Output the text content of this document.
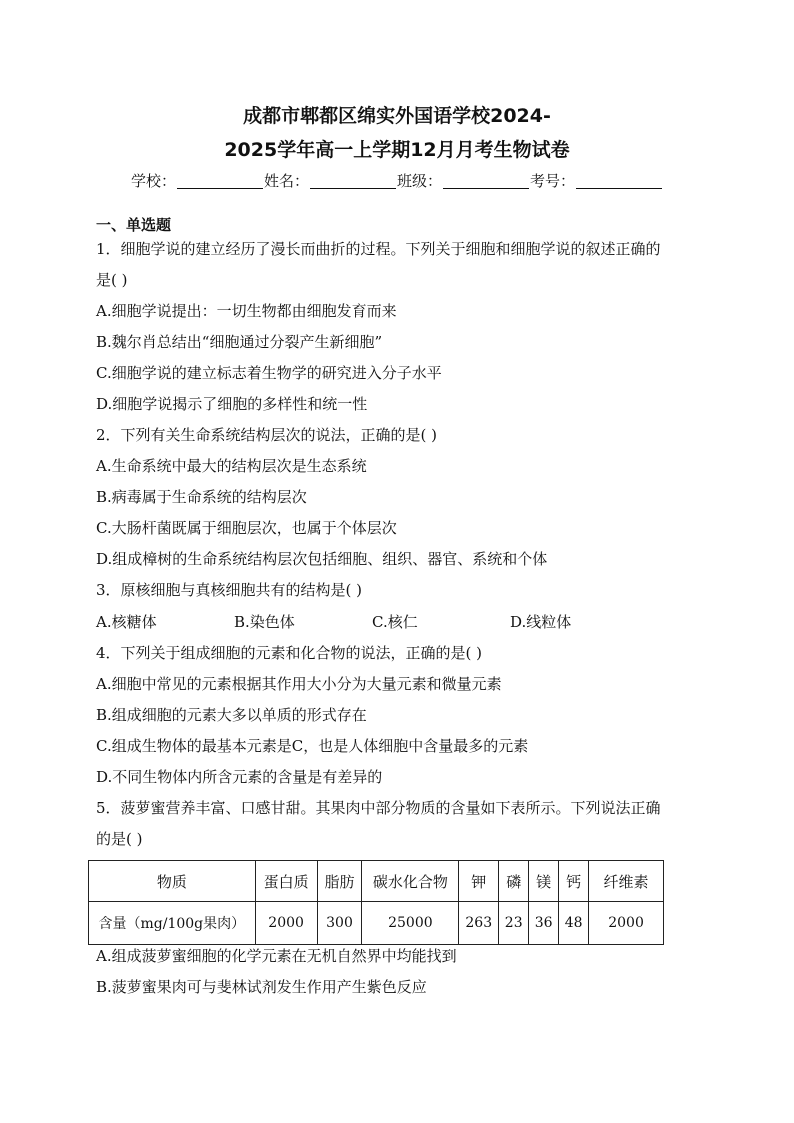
成都市郫都区绵实外国语学校2024-
2025学年高一上学期12月月考生物试卷
学校：	姓名：	班级：	考号：
一、单选题
1．细胞学说的建立经历了漫长而曲折的过程。下列关于细胞和细胞学说的叙述正确的
是( )
A.细胞学说提出：一切生物都由细胞发育而来
B.魏尔肖总结出“细胞通过分裂产生新细胞”
C.细胞学说的建立标志着生物学的研究进入分子水平
D.细胞学说揭示了细胞的多样性和统一性
2．下列有关生命系统结构层次的说法，正确的是( )
A.生命系统中最大的结构层次是生态系统
B.病毒属于生命系统的结构层次
C.大肠杆菌既属于细胞层次，也属于个体层次
D.组成樟树的生命系统结构层次包括细胞、组织、器官、系统和个体
3．原核细胞与真核细胞共有的结构是( )
A.核糖体	B.染色体	C.核仁	D.线粒体
4．下列关于组成细胞的元素和化合物的说法，正确的是( )
A.细胞中常见的元素根据其作用大小分为大量元素和微量元素
B.组成细胞的元素大多以单质的形式存在
C.组成生物体的最基本元素是C，也是人体细胞中含量最多的元素
D.不同生物体内所含元素的含量是有差异的
5．菠萝蜜营养丰富、口感甘甜。其果肉中部分物质的含量如下表所示。下列说法正确
的是( )
物质	蛋白质	脂肪	碳水化合物	钾	磷	镁	钙	纤维素
含量（mg/100g果肉）	2000	300	25000	263	23	36	48	2000
A.组成菠萝蜜细胞的化学元素在无机自然界中均能找到
B.菠萝蜜果肉可与斐林试剂发生作用产生紫色反应
